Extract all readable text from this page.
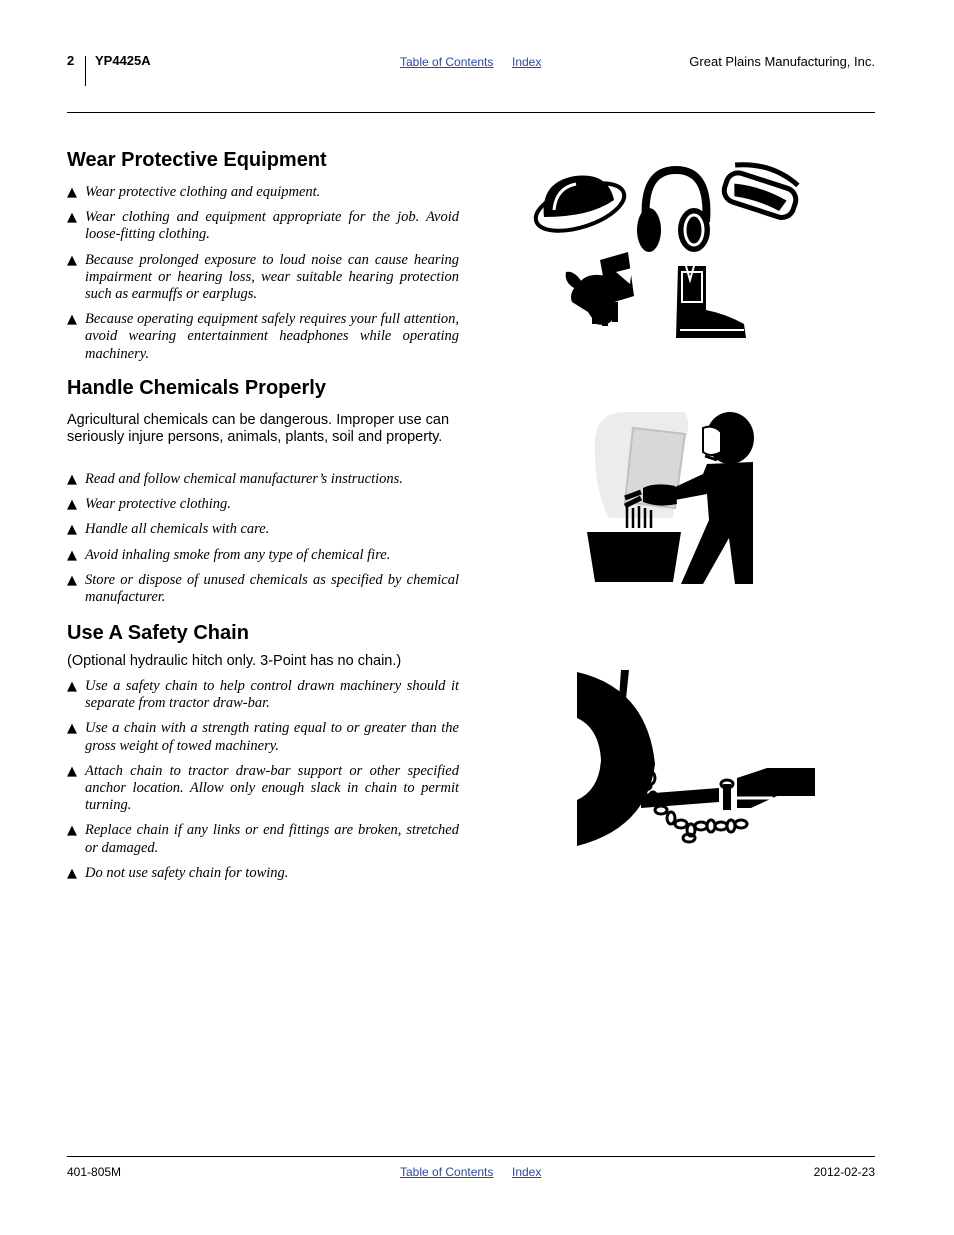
2 YP4425A	Table of Contents Index	Great Plains Manufacturing, Inc.
Wear Protective Equipment
▲ Wear protective clothing and equipment.
▲ Wear clothing and equipment appropriate for the job. Avoid loose-fitting clothing.
▲ Because prolonged exposure to loud noise can cause hearing impairment or hearing loss, wear suitable hearing protection such as earmuffs or earplugs.
▲ Because operating equipment safely requires your full attention, avoid wearing entertainment headphones while operating machinery.
Handle Chemicals Properly

Agricultural chemicals can be dangerous. Improper use can seriously injure persons, animals, plants, soil and property.

▲ Read and follow chemical manufacturer’s instructions.
▲ Wear protective clothing.
▲ Handle all chemicals with care.
▲ Avoid inhaling smoke from any type of chemical fire.
▲ Store or dispose of unused chemicals as specified by chemical manufacturer.
Use A Safety Chain

(Optional hydraulic hitch only. 3-Point has no chain.)

▲ Use a safety chain to help control drawn machinery should it separate from tractor draw-bar.
▲ Use a chain with a strength rating equal to or greater than the gross weight of towed machinery.
▲ Attach chain to tractor draw-bar support or other specified anchor location. Allow only enough slack in chain to permit turning.
▲ Replace chain if any links or end fittings are broken, stretched or damaged.
▲ Do not use safety chain for towing.
401-805M	Table of Contents Index	2012-02-23
